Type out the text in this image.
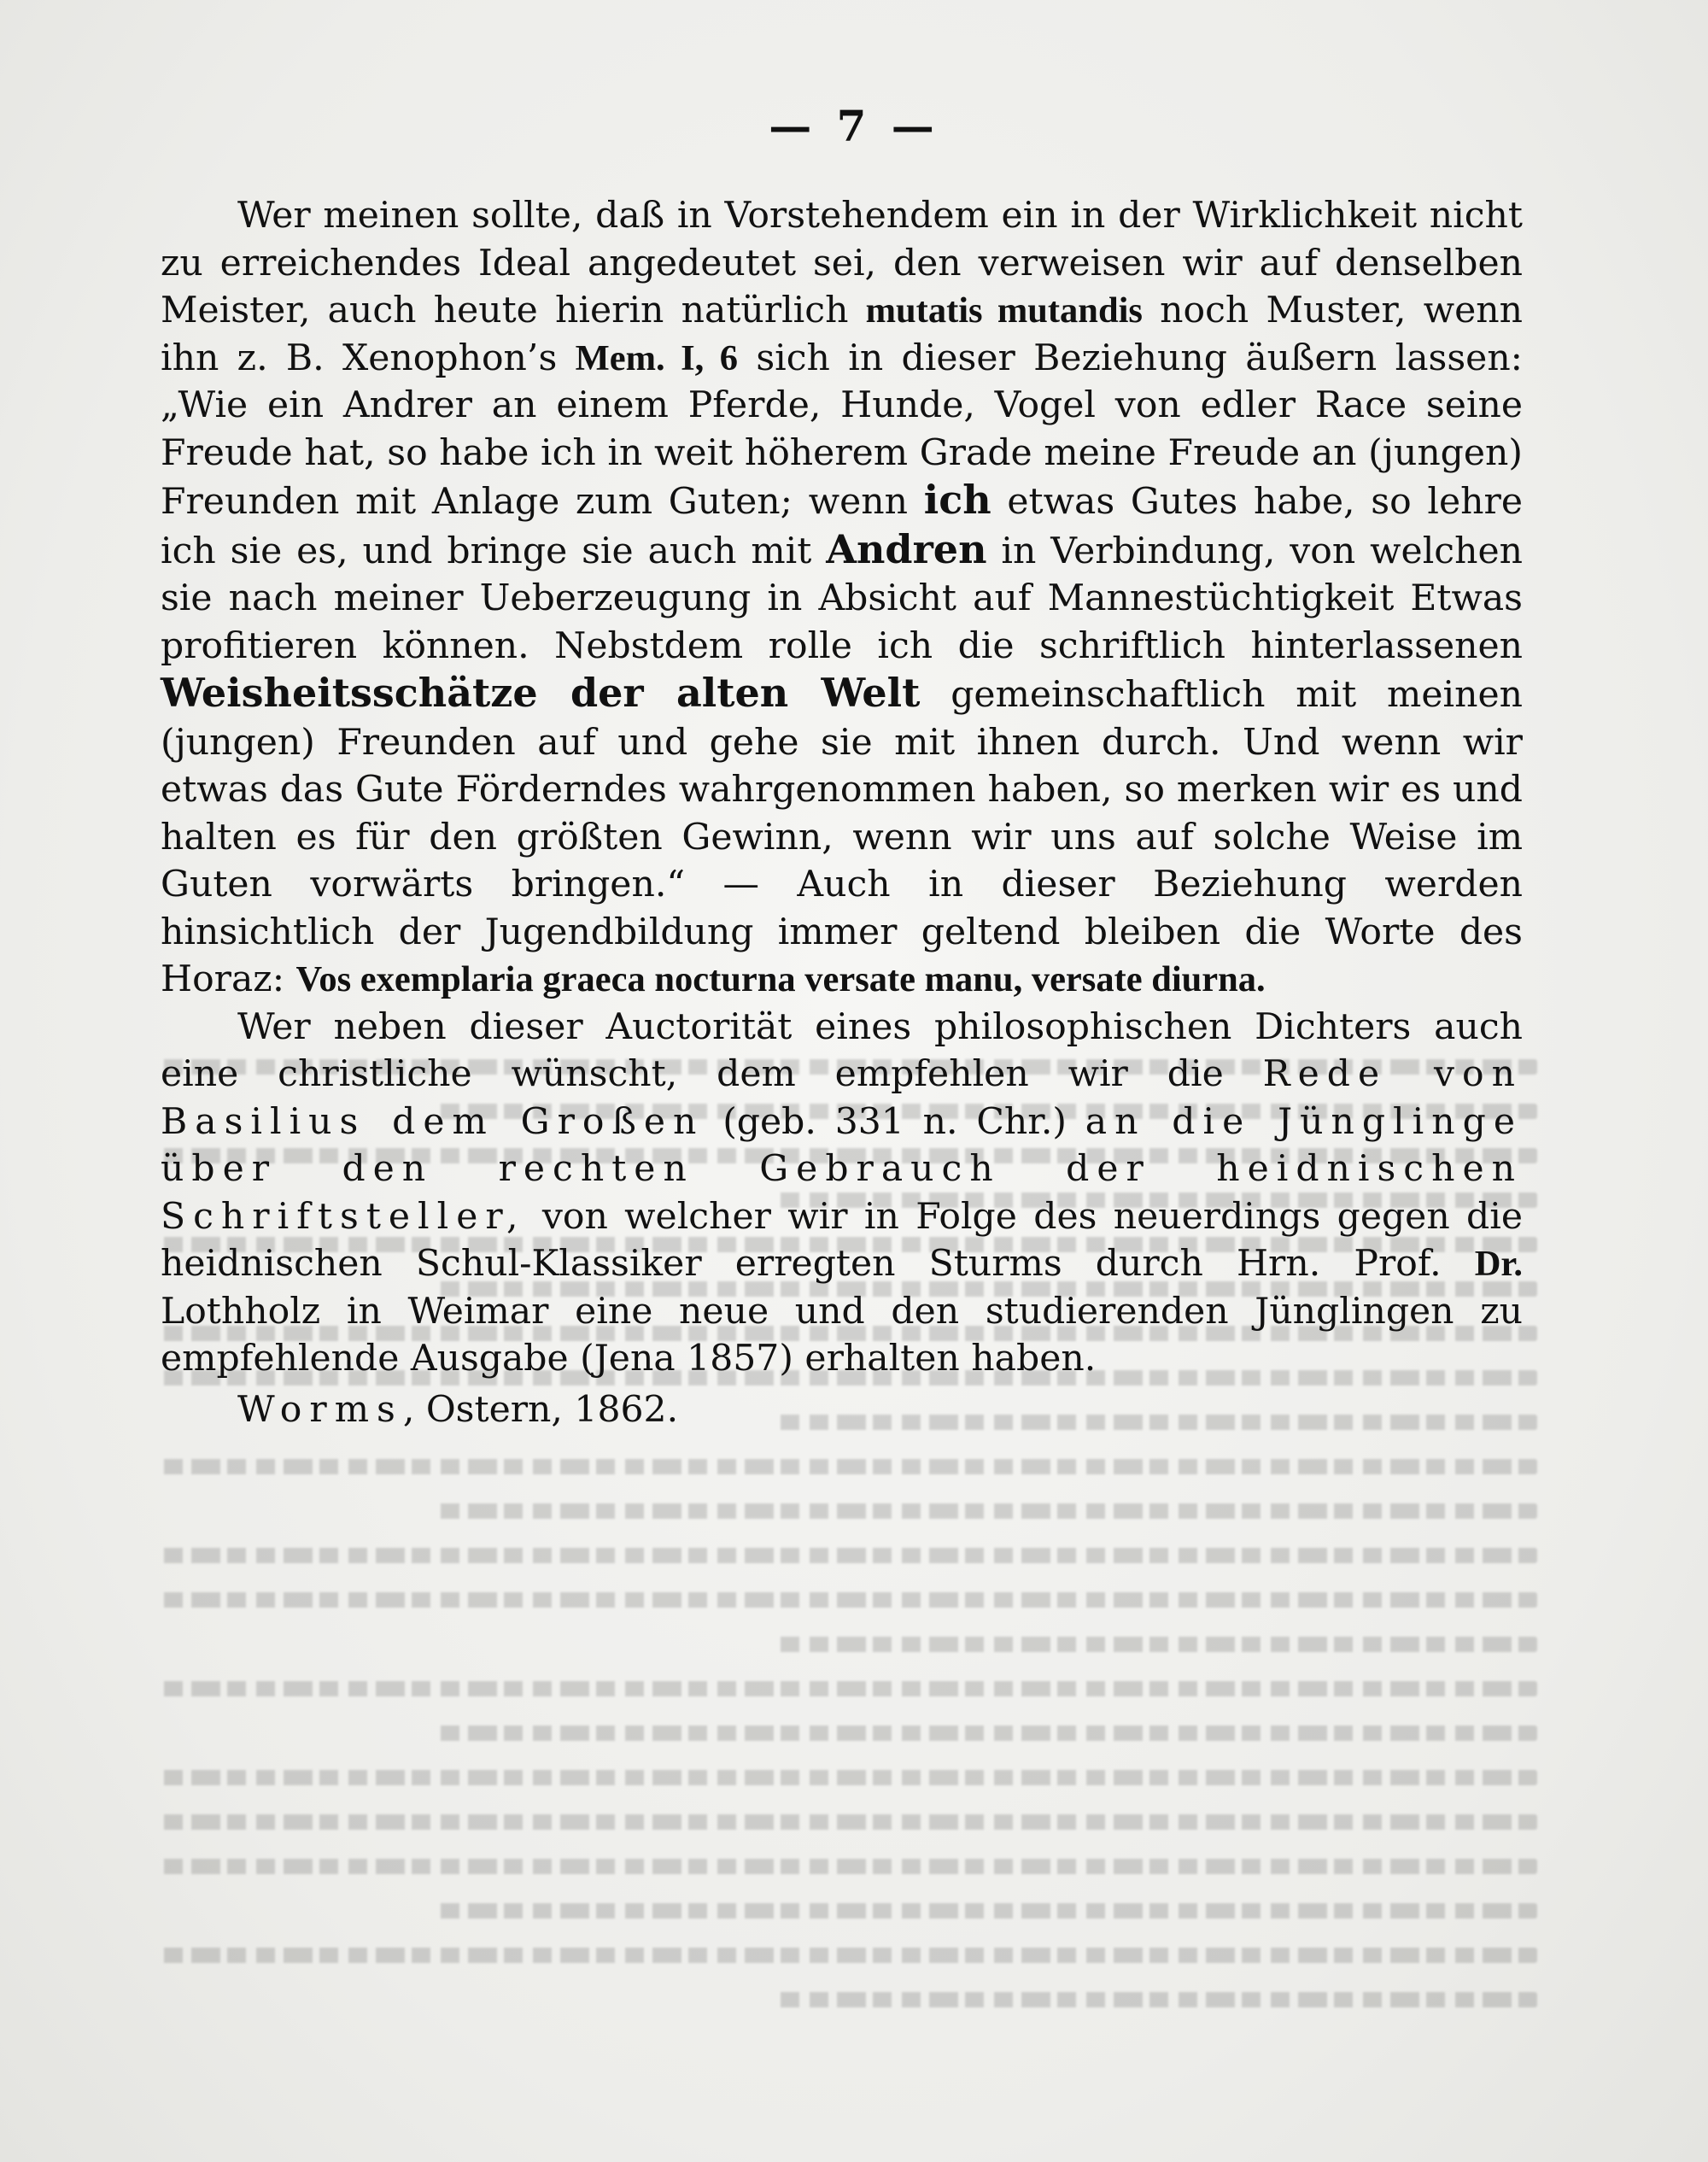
— 7 —

Wer meinen sollte, daß in Vorstehendem ein in der Wirklichkeit nicht zu erreichendes Ideal angedeutet sei, den verweisen wir auf denselben Meister, auch heute hierin natürlich mutatis mutandis noch Muster, wenn ihn z. B. Xenophon’s Mem. I, 6 sich in dieser Beziehung äußern lassen: „Wie ein Andrer an einem Pferde, Hunde, Vogel von edler Race seine Freude hat, so habe ich in weit höherem Grade meine Freude an (jungen) Freunden mit Anlage zum Guten; wenn ich etwas Gutes habe, so lehre ich sie es, und bringe sie auch mit Andren in Verbindung, von welchen sie nach meiner Ueberzeugung in Absicht auf Mannestüchtigkeit Etwas profitieren können. Nebstdem rolle ich die schriftlich hinterlassenen Weisheitsschätze der alten Welt gemeinschaftlich mit meinen (jungen) Freunden auf und gehe sie mit ihnen durch. Und wenn wir etwas das Gute Förderndes wahrgenommen haben, so merken wir es und halten es für den größten Gewinn, wenn wir uns auf solche Weise im Guten vorwärts bringen.“ — Auch in dieser Beziehung werden hinsichtlich der Jugendbildung immer geltend bleiben die Worte des Horaz: Vos exemplaria graeca nocturna versate manu, versate diurna.

Wer neben dieser Auctorität eines philosophischen Dichters auch eine christliche wünscht, dem empfehlen wir die Rede von Basilius dem Großen (geb. 331 n. Chr.) an die Jünglinge über den rechten Gebrauch der heidnischen Schriftsteller, von welcher wir in Folge des neuerdings gegen die heidnischen Schul-Klassiker erregten Sturms durch Hrn. Prof. Dr. Lothholz in Weimar eine neue und den studierenden Jünglingen zu empfehlende Ausgabe (Jena 1857) erhalten haben.

Worms, Ostern, 1862.
